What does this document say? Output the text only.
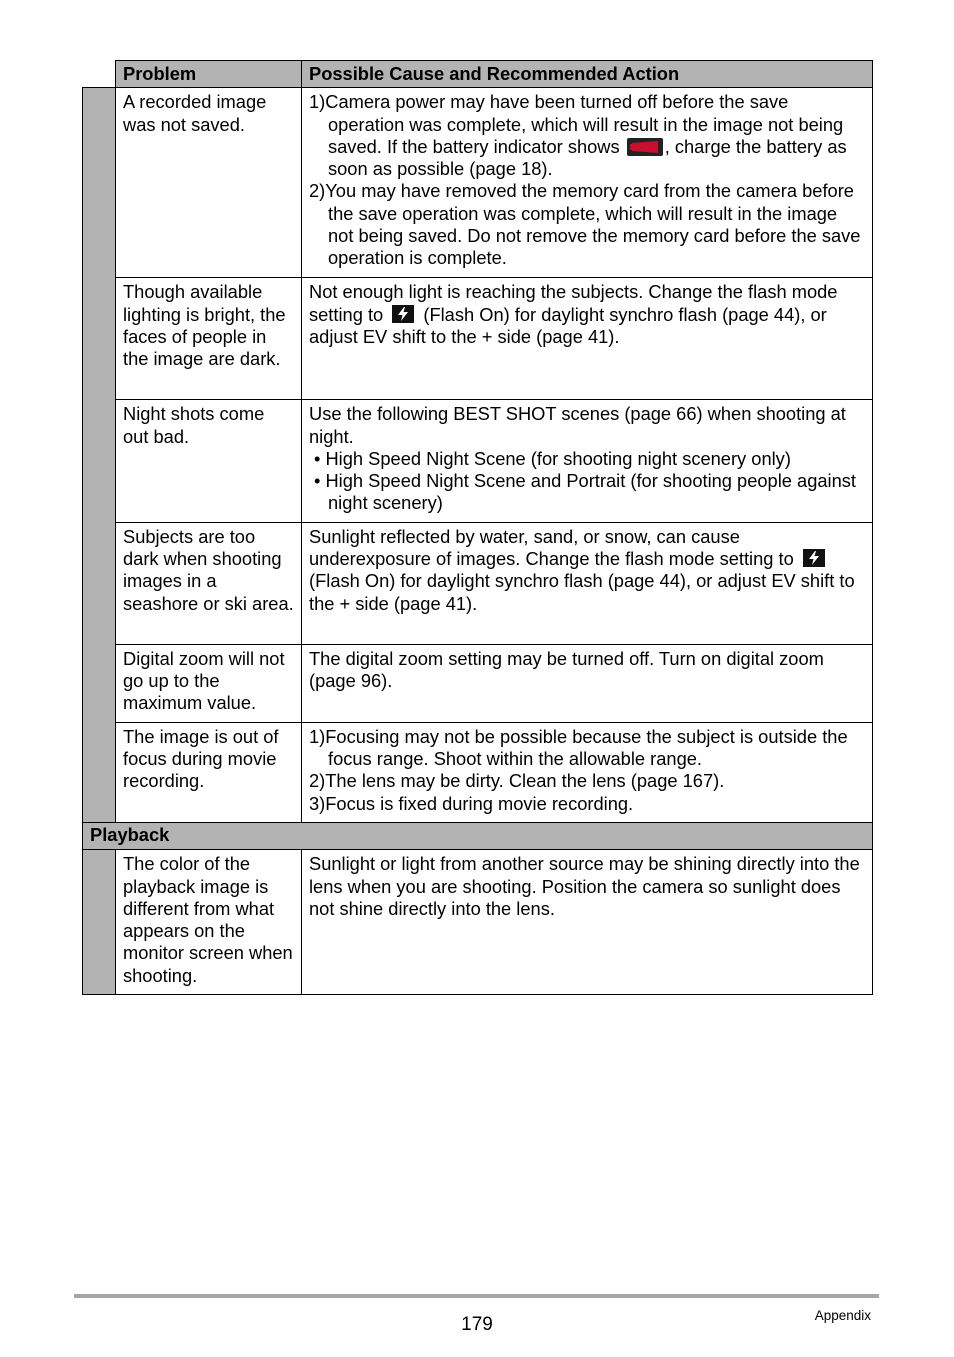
	Problem	Possible Cause and Recommended Action
	A recorded image was not saved.	1)Camera power may have been turned off before the save operation was complete, which will result in the image not being saved. If the battery indicator shows , charge the battery as soon as possible (page 18).
2)You may have removed the memory card from the camera before the save operation was complete, which will result in the image not being saved. Do not remove the memory card before the save operation is complete.

	Though available lighting is bright, the faces of people in the image are dark.	Not enough light is reaching the subjects. Change the flash mode setting to  (Flash On) for daylight synchro flash (page 44), or adjust EV shift to the + side (page 41).
	Night shots come out bad.	Use the following BEST SHOT scenes (page 66) when shooting at night.
• High Speed Night Scene (for shooting night scenery only)
• High Speed Night Scene and Portrait (for shooting people against night scenery)

	Subjects are too dark when shooting images in a seashore or ski area.	Sunlight reflected by water, sand, or snow, can cause underexposure of images. Change the flash mode setting to  (Flash On) for daylight synchro flash (page 44), or adjust EV shift to the + side (page 41).
	Digital zoom will not go up to the maximum value.	The digital zoom setting may be turned off. Turn on digital zoom (page 96).
	The image is out of focus during movie recording.	1)Focusing may not be possible because the subject is outside the focus range. Shoot within the allowable range.
2)The lens may be dirty. Clean the lens (page 167).
3)Focus is fixed during movie recording.

Playback		
	The color of the playback image is different from what appears on the monitor screen when shooting.	Sunlight or light from another source may be shining directly into the lens when you are shooting. Position the camera so sunlight does not shine directly into the lens.
179	Appendix
